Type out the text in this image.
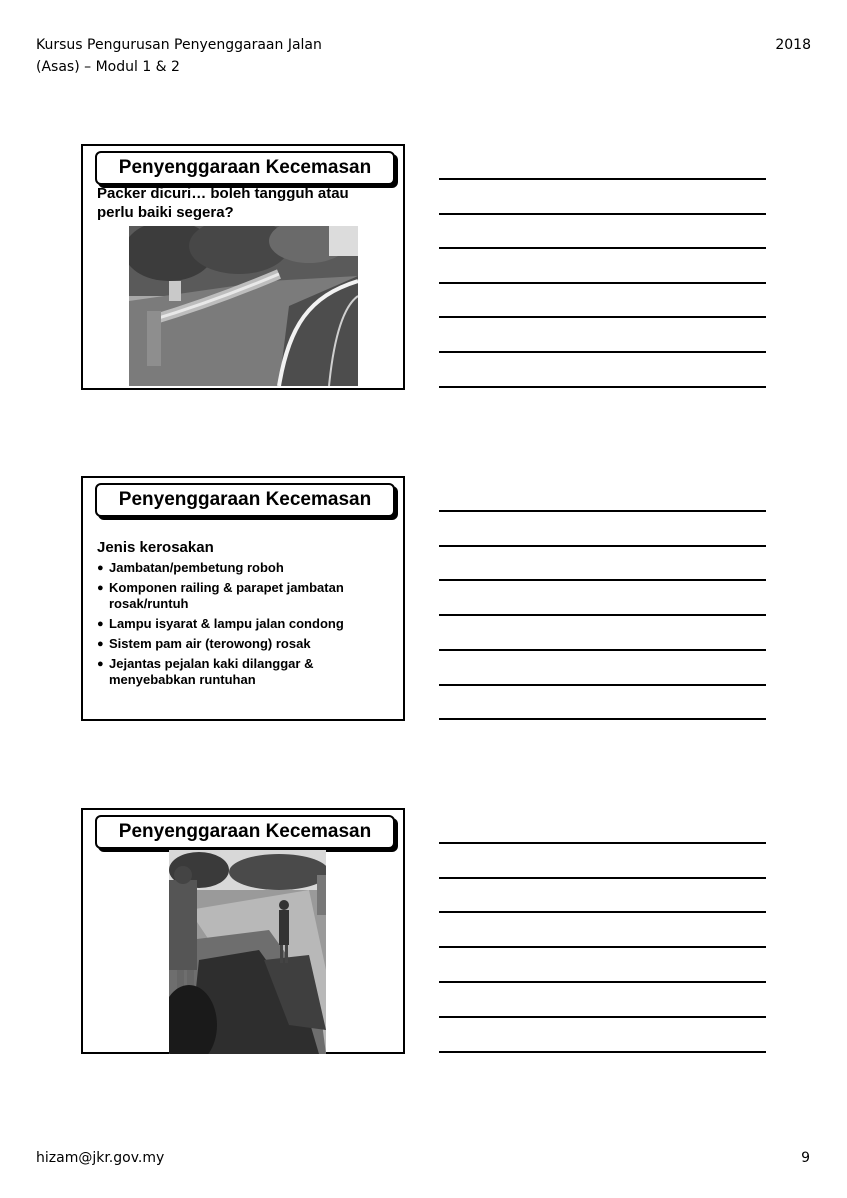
Kursus Pengurusan Penyenggaraan Jalan
(Asas) – Modul 1 & 2
2018
Penyenggaraan Kecemasan
Packer dicuri… boleh tangguh atau
perlu baiki segera?
Penyenggaraan Kecemasan
Jenis kerosakan
● Jambatan/pembetung roboh
● Komponen railing & parapet jambatan rosak/runtuh
● Lampu isyarat & lampu jalan condong
● Sistem pam air (terowong) rosak
● Jejantas pejalan kaki dilanggar & menyebabkan runtuhan
Penyenggaraan Kecemasan
hizam@jkr.gov.my	9
